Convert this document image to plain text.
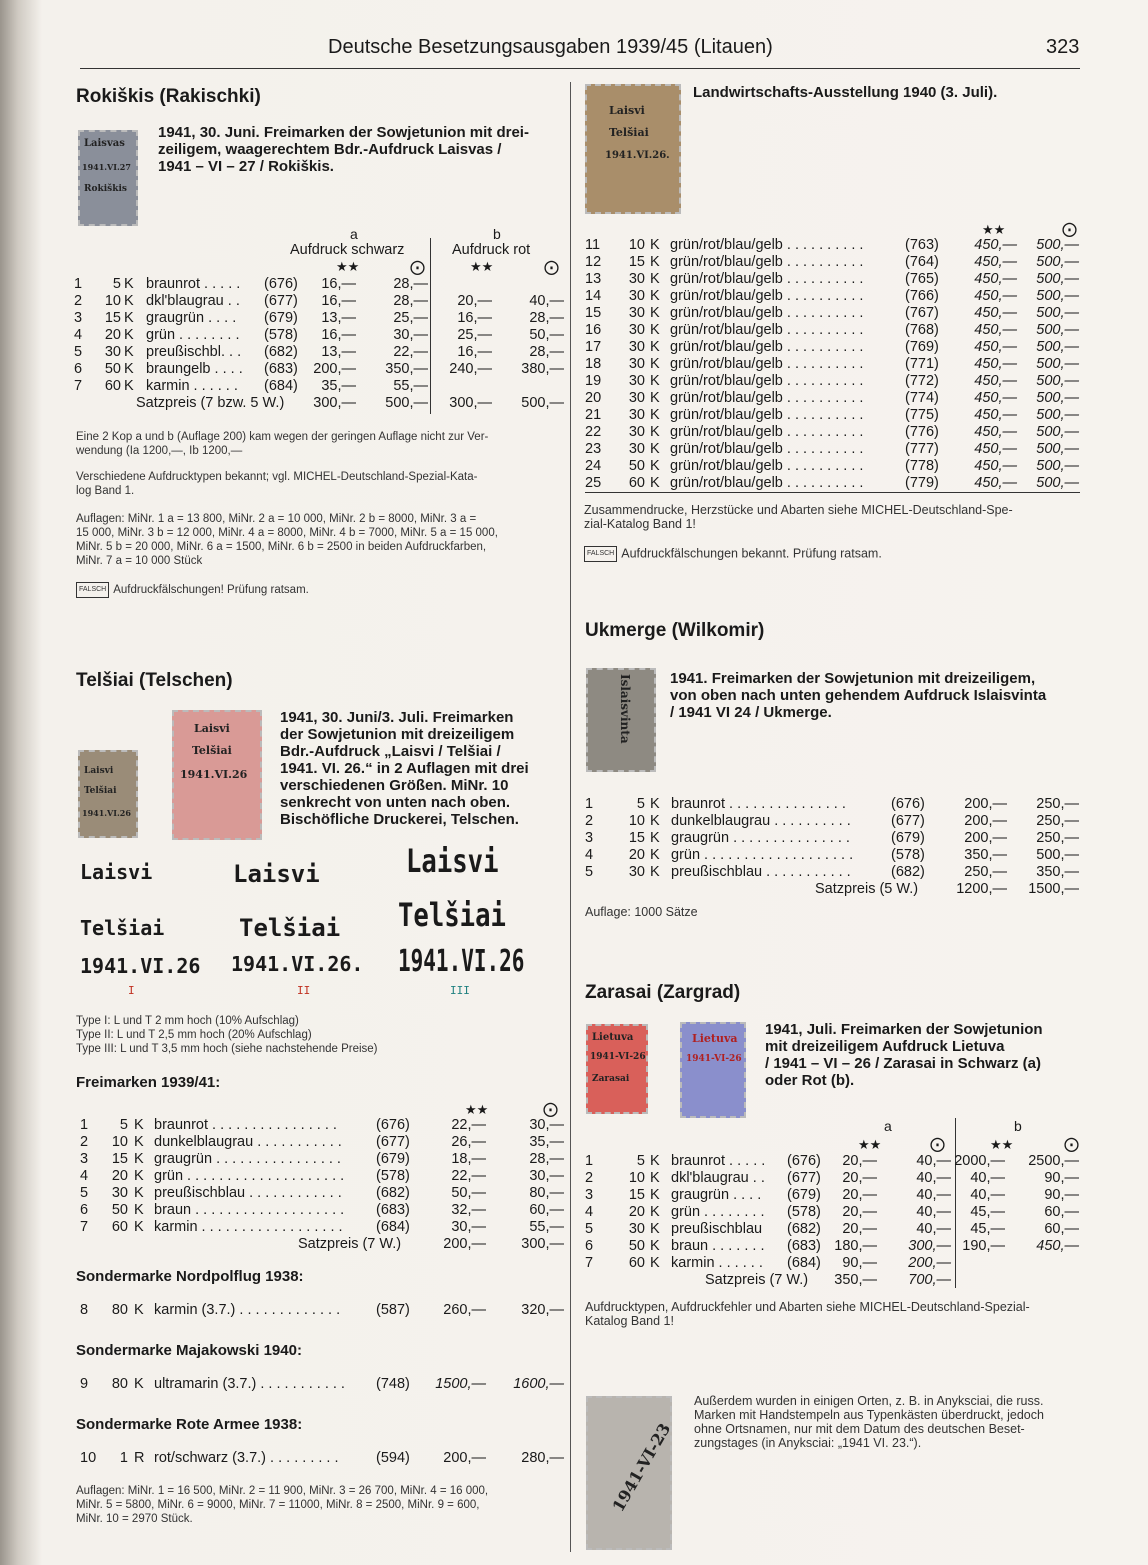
Deutsche Besetzungsausgaben 1939/45 (Litauen)	323
Rokiškis (Rakischki)
Laisvas
1941.VI.27
Rokiškis
1941, 30. Juni. Freimarken der Sowjetunion mit drei-
zeiligem, waagerechtem Bdr.-Aufdruck Laisvas /
1941 – VI – 27 / Rokiškis.
a	b
Aufdruck schwarz	Aufdruck rot
★★	⨀	★★	⨀
Eine 2 Kop a und b (Auflage 200) kam wegen der geringen Auflage nicht zur Ver-
wendung (Ia 1200,—, Ib 1200,—
Verschiedene Aufdrucktypen bekannt; vgl. MICHEL-Deutschland-Spezial-Kata-
log Band 1.
Auflagen: MiNr. 1 a = 13 800, MiNr. 2 a = 10 000, MiNr. 2 b = 8000, MiNr. 3 a =
15 000, MiNr. 3 b = 12 000, MiNr. 4 a = 8000, MiNr. 4 b = 7000, MiNr. 5 a = 15 000,
MiNr. 5 b = 20 000, MiNr. 6 a = 1500, MiNr. 6 b = 2500 in beiden Aufdruckfarben,
MiNr. 7 a = 10 000 Stück
FALSCH Aufdruckfälschungen! Prüfung ratsam.
Telšiai (Telschen)
Laisvi
Telšiai
1941.VI.26
Laisvi
Telšiai
1941.VI.26
1941, 30. Juni/3. Juli. Freimarken
der Sowjetunion mit dreizeiligem
Bdr.-Aufdruck „Laisvi / Telšiai /
1941. VI. 26.“ in 2 Auflagen mit drei
verschiedenen Größen. MiNr. 10
senkrecht von unten nach oben.
Bischöfliche Druckerei, Telschen.
Laisvi
Telšiai
1941.VI.26
I
Laisvi
Telšiai
1941.VI.26.
II
Laisvi
Telšiai
1941.VI.26
III
Type I: L und T 2 mm hoch (10% Aufschlag)
Type II: L und T 2,5 mm hoch (20% Aufschlag)
Type III: L und T 3,5 mm hoch (siehe nachstehende Preise)
Freimarken 1939/41:
★★	⨀
Auflagen: MiNr. 1 = 16 500, MiNr. 2 = 11 900, MiNr. 3 = 26 700, MiNr. 4 = 16 000,
MiNr. 5 = 5800, MiNr. 6 = 9000, MiNr. 7 = 11000, MiNr. 8 = 2500, MiNr. 9 = 600,
MiNr. 10 = 2970 Stück.
Laisvi
Telšiai
1941.VI.26.
Landwirtschafts-Ausstellung 1940 (3. Juli).
★★	⨀
Zusammendrucke, Herzstücke und Abarten siehe MICHEL-Deutschland-Spe-
zial-Katalog Band 1!
FALSCH Aufdruckfälschungen bekannt. Prüfung ratsam.
Ukmerge (Wilkomir)
Islaisvinta	1941. Freimarken der Sowjetunion mit dreizeiligem,
von oben nach unten gehendem Aufdruck Islaisvinta
/ 1941 VI 24 / Ukmerge.
Auflage: 1000 Sätze
Zarasai (Zargrad)
Lietuva
1941-VI-26
Zarasai
Lietuva
1941-VI-26
1941, Juli. Freimarken der Sowjetunion
mit dreizeiligem Aufdruck Lietuva
/ 1941 – VI – 26 / Zarasai in Schwarz (a)
oder Rot (b).
a	b
★★	⨀	★★	⨀
Aufdrucktypen, Aufdruckfehler und Abarten siehe MICHEL-Deutschland-Spezial-
Katalog Band 1!
1941-VI-23
Außerdem wurden in einigen Orten, z. B. in Anyksciai, die russ.
Marken mit Handstempeln aus Typenkästen überdruckt, jedoch
ohne Ortsnamen, nur mit dem Datum des deutschen Beset-
zungstages (in Anyksciai: „1941 VI. 23.“).
1	5 K braunrot . . . . . (676)	16,—	28,—
2	10 K dkl'blaugrau . . (677)	16,—	28,—	20,—	40,—
3	15 K graugrün . . . . (679)	13,—	25,—	16,—	28,—
4	20 K grün . . . . . . . . (578)	16,—	30,—	25,—	50,—
5	30 K preußischbl. . . (682)	13,—	22,—	16,—	28,—
6	50 K braungelb . . . . (683)	200,—	350,—	240,—	380,—
7	60 K karmin . . . . . . (684)	35,—	55,—
Satzpreis (7 bzw. 5 W.)	300,—	500,—	300,—	500,—
1	5 K braunrot . . . . . . . . . . . . . . . .	(676)	22,—	30,—
2	10 K dunkelblaugrau . . . . . . . . . . . (677)	26,—	35,—
3	15 K graugrün . . . . . . . . . . . . . . . . (679)	18,—	28,—
4	20 K grün . . . . . . . . . . . . . . . . . . . . (578)	22,—	30,—
5	30 K preußischblau . . . . . . . . . . . . (682)	50,—	80,—
6	50 K braun . . . . . . . . . . . . . . . . . . . (683)	32,—	60,—
7	60 K karmin . . . . . . . . . . . . . . . . . . (684)	30,—	55,—
Satzpreis (7 W.)	200,—	300,—
Sondermarke Nordpolflug 1938:
8	80 K karmin (3.7.) . . . . . . . . . . . . . (587)	260,—	320,—
Sondermarke Majakowski 1940:
9	80 K ultramarin (3.7.) . . . . . . . . . . . (748)	1500,—	1600,—
Sondermarke Rote Armee 1938:
10	1 R rot/schwarz (3.7.) . . . . . . . . .	(594)	200,—	280,—
11	10 K grün/rot/blau/gelb . . . . . . . . . .	(763)	450,—	500,—
12	15 K grün/rot/blau/gelb . . . . . . . . . .	(764)	450,—	500,—
13	30 K grün/rot/blau/gelb . . . . . . . . . .	(765)	450,—	500,—
14	30 K grün/rot/blau/gelb . . . . . . . . . .	(766)	450,—	500,—
15	30 K grün/rot/blau/gelb . . . . . . . . . .	(767)	450,—	500,—
16	30 K grün/rot/blau/gelb . . . . . . . . . .	(768)	450,—	500,—
17	30 K grün/rot/blau/gelb . . . . . . . . . .	(769)	450,—	500,—
18	30 K grün/rot/blau/gelb . . . . . . . . . .	(771)	450,—	500,—
19	30 K grün/rot/blau/gelb . . . . . . . . . .	(772)	450,—	500,—
20	30 K grün/rot/blau/gelb . . . . . . . . . .	(774)	450,—	500,—
21	30 K grün/rot/blau/gelb . . . . . . . . . .	(775)	450,—	500,—
22	30 K grün/rot/blau/gelb . . . . . . . . . .	(776)	450,—	500,—
23	30 K grün/rot/blau/gelb . . . . . . . . . .	(777)	450,—	500,—
24	50 K grün/rot/blau/gelb . . . . . . . . . .	(778)	450,—	500,—
25	60 K grün/rot/blau/gelb . . . . . . . . . .	(779)	450,—	500,—
1	5 K braunrot . . . . . . . . . . . . . . .	(676)	200,—	250,—
2	10 K dunkelblaugrau . . . . . . . . . .	(677)	200,—	250,—
3	15 K graugrün . . . . . . . . . . . . . . .	(679)	200,—	250,—
4	20 K grün . . . . . . . . . . . . . . . . . . .	(578)	350,—	500,—
5	30 K preußischblau . . . . . . . . . . .	(682)	250,—	350,—
Satzpreis (5 W.)	1200,—	1500,—
1	5 K braunrot . . . . . (676)	20,—	40,— 2000,—	2500,—
2	10 K dkl'blaugrau . . (677)	20,—	40,—	40,—	90,—
3	15 K graugrün . . . . (679)	20,—	40,—	40,—	90,—
4	20 K grün . . . . . . . . (578)	20,—	40,—	45,—	60,—
5	30 K preußischblau (682)	20,—	40,—	45,—	60,—
6	50 K braun . . . . . . . (683) 180,—	300,— 190,—	450,—
7	60 K karmin . . . . . . (684)	90,—	200,—
Satzpreis (7 W.)	350,—	700,—
